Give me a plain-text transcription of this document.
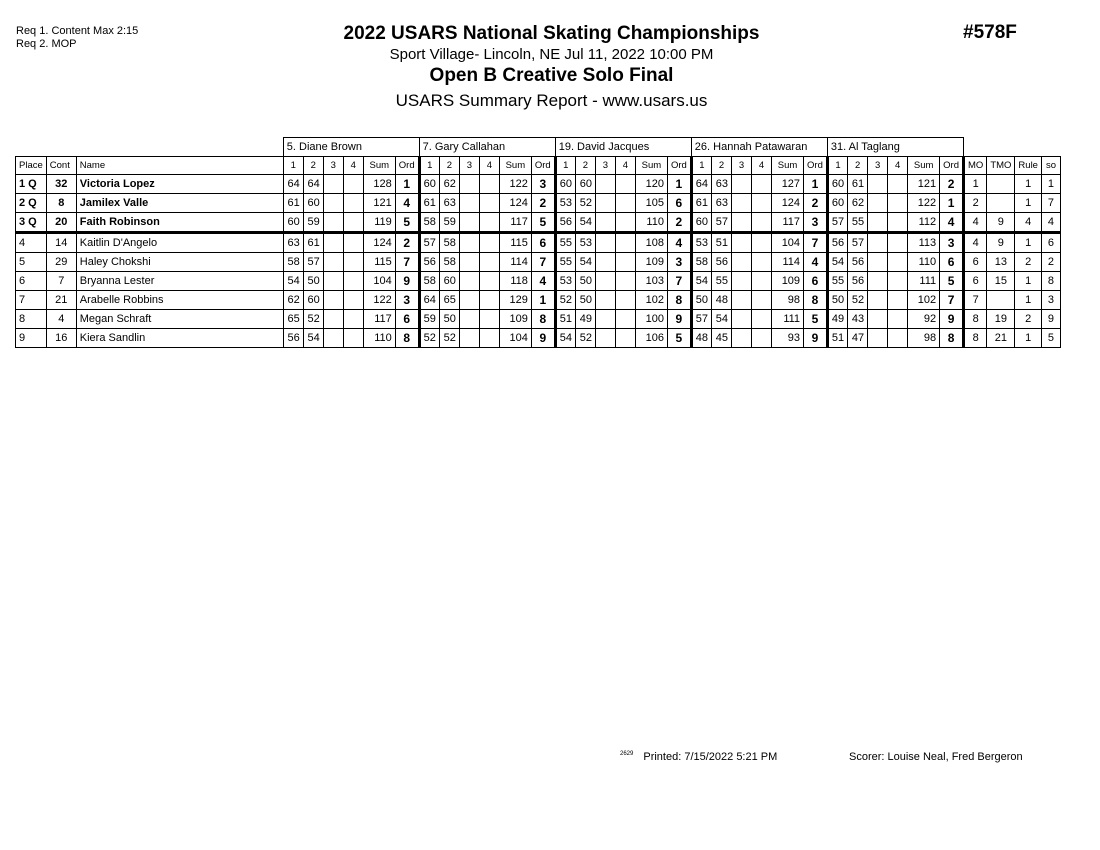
Req 1. Content Max 2:15
Req 2. MOP	2022 USARS National Skating Championships
Sport Village- Lincoln, NE Jul 11, 2022 10:00 PM
Open B Creative Solo Final
USARS Summary Report - www.usars.us
#578F
			5. Diane Brown						7. Gary Callahan						19. David Jacques						26. Hannah Patawaran						31. Al Taglang									
Place	Cont	Name	1	2	3	4	Sum	Ord	1	2	3	4	Sum	Ord	1	2	3	4	Sum	Ord	1	2	3	4	Sum	Ord	1	2	3	4	Sum	Ord	MO	TMO	Rule	so
1 Q	32	Victoria Lopez	64	64			128	1	60	62			122	3	60	60			120	1	64	63			127	1	60	61			121	2	1		1	1
2 Q	8	Jamilex Valle	61	60			121	4	61	63			124	2	53	52			105	6	61	63			124	2	60	62			122	1	2		1	7
3 Q	20	Faith Robinson	60	59			119	5	58	59			117	5	56	54			110	2	60	57			117	3	57	55			112	4	4	9	4	4
4	14	Kaitlin D'Angelo	63	61			124	2	57	58			115	6	55	53			108	4	53	51			104	7	56	57			113	3	4	9	1	6
5	29	Haley Chokshi	58	57			115	7	56	58			114	7	55	54			109	3	58	56			114	4	54	56			110	6	6	13	2	2
6	7	Bryanna Lester	54	50			104	9	58	60			118	4	53	50			103	7	54	55			109	6	55	56			111	5	6	15	1	8
7	21	Arabelle Robbins	62	60			122	3	64	65			129	1	52	50			102	8	50	48			98	8	50	52			102	7	7		1	3
8	4	Megan Schraft	65	52			117	6	59	50			109	8	51	49			100	9	57	54			111	5	49	43			92	9	8	19	2	9
9	16	Kiera Sandlin	56	54			110	8	52	52			104	9	54	52			106	5	48	45			93	9	51	47			98	8	8	21	1	5
$^{2629}$ Printed: 7/15/2022 5:21 PM	Scorer: Louise Neal, Fred Bergeron
